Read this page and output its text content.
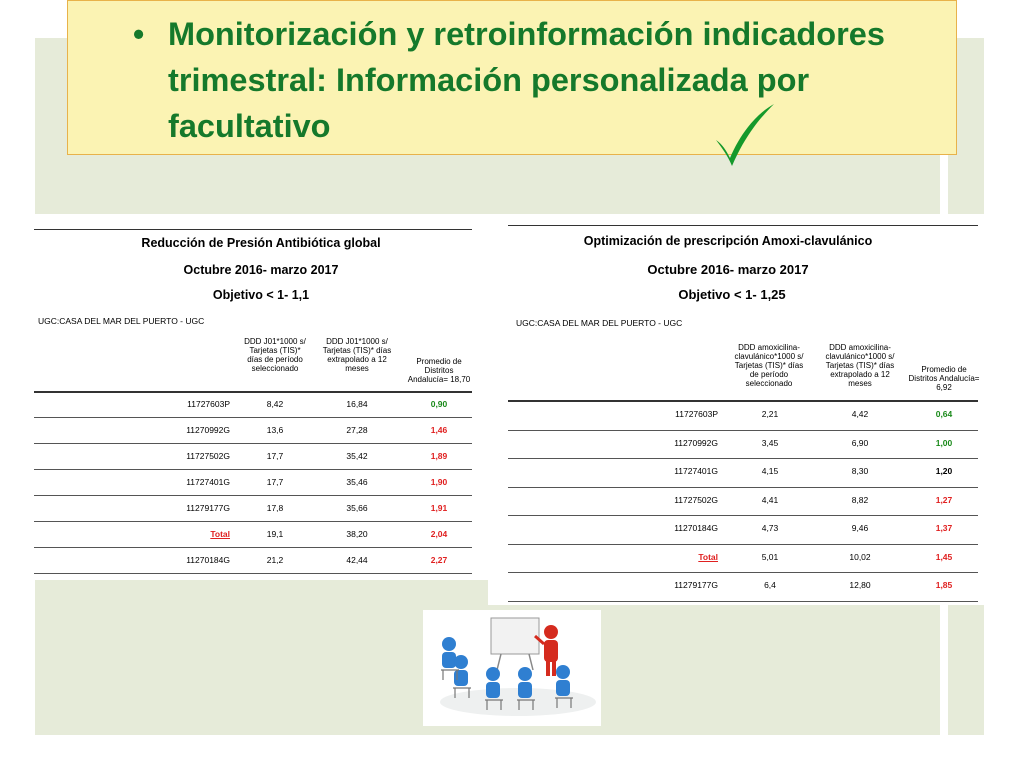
• Monitorización y retroinformación indicadores
trimestral: Información personalizada por
facultativo
Reducción de Presión Antibiótica global
Octubre 2016- marzo 2017
Objetivo < 1- 1,1
UGC:CASA DEL MAR DEL PUERTO - UGC
DDD J01*1000 s/ Tarjetas (TIS)* días de período seleccionado
DDD J01*1000 s/ Tarjetas (TIS)* días extrapolado a 12 meses
Promedio de Distritos Andalucía= 18,70
11727603P	8,42	16,84	0,90
11270992G	13,6	27,28	1,46
11727502G	17,7	35,42	1,89
11727401G	17,7	35,46	1,90
11279177G	17,8	35,66	1,91
Total	19,1	38,20	2,04
11270184G	21,2	42,44	2,27
Optimización de prescripción Amoxi-clavulánico
Octubre 2016- marzo 2017
Objetivo < 1- 1,25
UGC:CASA DEL MAR DEL PUERTO - UGC
DDD amoxicilina-clavulánico*1000 s/ Tarjetas (TIS)* días de período seleccionado
DDD amoxicilina-clavulánico*1000 s/ Tarjetas (TIS)* días extrapolado a 12 meses
Promedio de Distritos Andalucía= 6,92
11727603P	2,21	4,42	0,64
11270992G	3,45	6,90	1,00
11727401G	4,15	8,30	1,20
11727502G	4,41	8,82	1,27
11270184G	4,73	9,46	1,37
Total	5,01	10,02	1,45
11279177G	6,4	12,80	1,85
